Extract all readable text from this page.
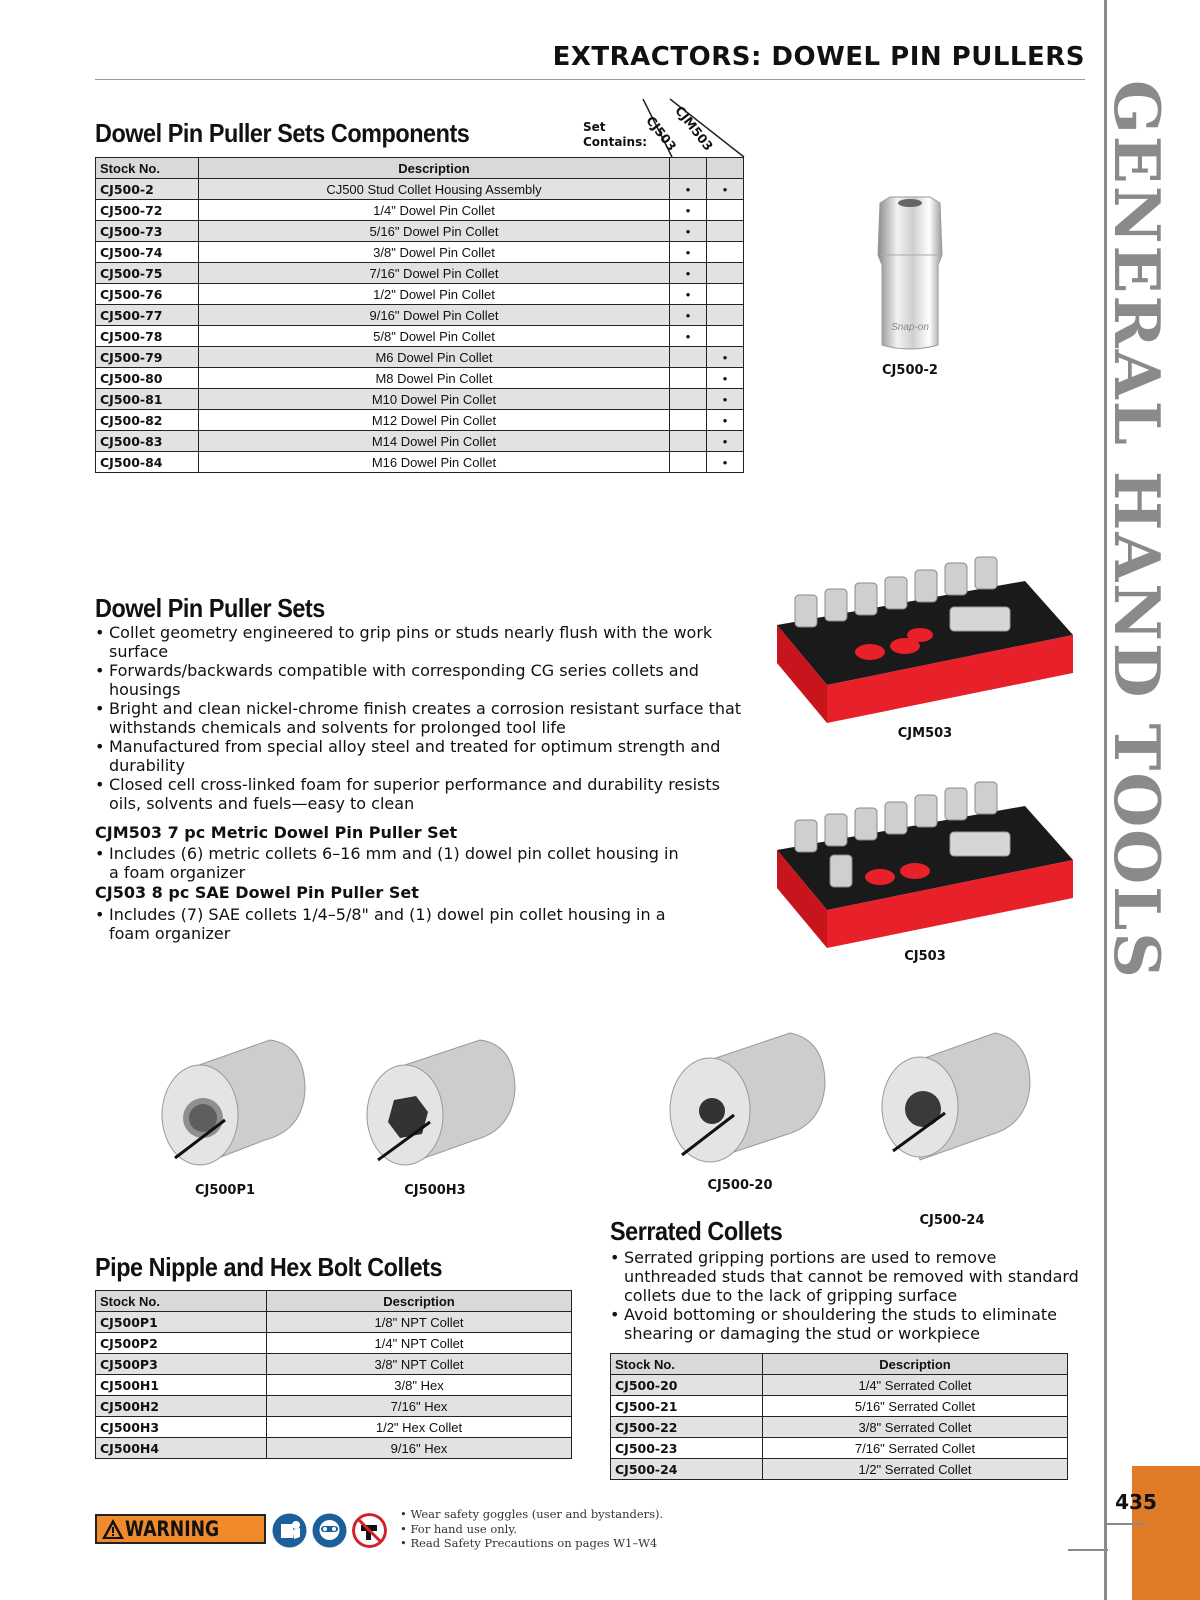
EXTRACTORS: DOWEL PIN PULLERS
GENERAL HAND TOOLS
435
Dowel Pin Puller Sets Components	Set
Contains:
CJ503
CJM503
Stock No.	Description		
CJ500-2	CJ500 Stud Collet Housing Assembly	•	•
CJ500-72	1/4" Dowel Pin Collet	•	
CJ500-73	5/16" Dowel Pin Collet	•	
CJ500-74	3/8" Dowel Pin Collet	•	
CJ500-75	7/16" Dowel Pin Collet	•	
CJ500-76	1/2" Dowel Pin Collet	•	
CJ500-77	9/16" Dowel Pin Collet	•	
CJ500-78	5/8" Dowel Pin Collet	•	
CJ500-79	M6 Dowel Pin Collet		•
CJ500-80	M8 Dowel Pin Collet		•
CJ500-81	M10 Dowel Pin Collet		•
CJ500-82	M12 Dowel Pin Collet		•
CJ500-83	M14 Dowel Pin Collet		•
CJ500-84	M16 Dowel Pin Collet		•
Snap-on
CJ500-2
Dowel Pin Puller Sets
• Collet geometry engineered to grip pins or studs nearly flush with the work surface
• Forwards/backwards compatible with corresponding CG series collets and housings
• Bright and clean nickel-chrome finish creates a corrosion resistant surface that withstands chemicals and solvents for prolonged tool life
• Manufactured from special alloy steel and treated for optimum strength and durability
• Closed cell cross-linked foam for superior performance and durability resists oils, solvents and fuels—easy to clean
CJM503 7 pc Metric Dowel Pin Puller Set
• Includes (6) metric collets 6–16 mm and (1) dowel pin collet housing in a foam organizer
CJ503 8 pc SAE Dowel Pin Puller Set
• Includes (7) SAE collets 1/4–5/8" and (1) dowel pin collet housing in a foam organizer
CJM503
CJ503
CJ500P1	CJ500H3	CJ500-20
CJ500-24
Pipe Nipple and Hex Bolt Collets
Stock No.	Description
CJ500P1	1/8" NPT Collet
CJ500P2	1/4" NPT Collet
CJ500P3	3/8" NPT Collet
CJ500H1	3/8" Hex
CJ500H2	7/16" Hex
CJ500H3	1/2" Hex Collet
CJ500H4	9/16" Hex
Serrated Collets
• Serrated gripping portions are used to remove unthreaded studs that cannot be removed with standard collets due to the lack of gripping surface
• Avoid bottoming or shouldering the studs to eliminate shearing or damaging the stud or workpiece
Stock No.	Description
CJ500-20	1/4" Serrated Collet
CJ500-21	5/16" Serrated Collet
CJ500-22	3/8" Serrated Collet
CJ500-23	7/16" Serrated Collet
CJ500-24	1/2" Serrated Collet
WARNING
• Wear safety goggles (user and bystanders).
• For hand use only.
• Read Safety Precautions on pages W1–W4
